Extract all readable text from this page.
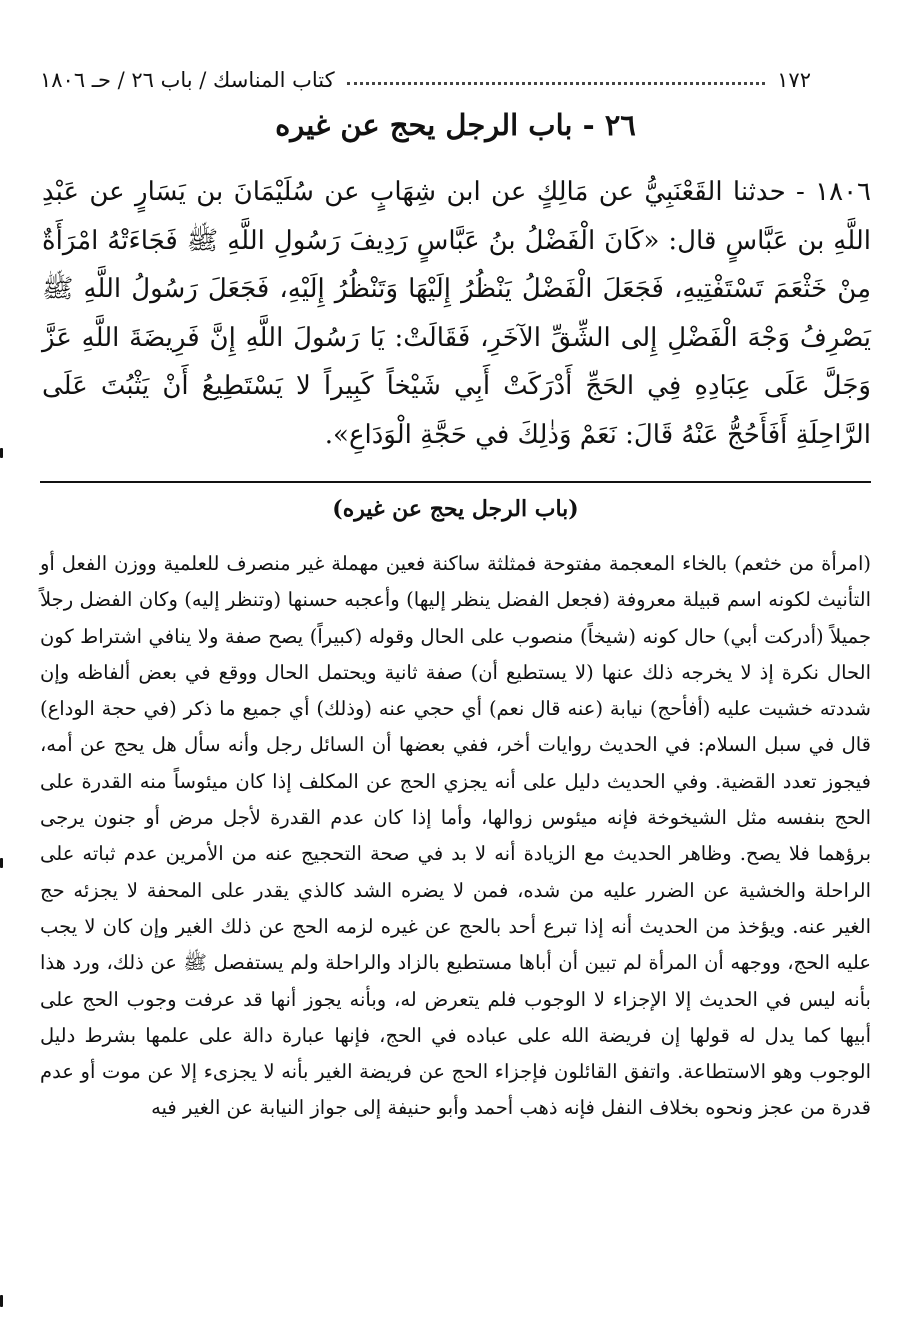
كتاب المناسك / باب ٢٦ / حـ ١٨٠٦	١٧٢
٢٦ - باب الرجل يحج عن غيره
١٨٠٦ - حدثنا القَعْنَبِيُّ عن مَالِكٍ عن ابن شِهَابٍ عن سُلَيْمَانَ بن يَسَارٍ عن عَبْدِ اللَّهِ بن عَبَّاسٍ قال: «كَانَ الْفَضْلُ بنُ عَبَّاسٍ رَدِيفَ رَسُولِ اللَّهِ ﷺ فَجَاءَتْهُ امْرَأَةٌ مِنْ خَثْعَمَ تَسْتَفْتِيهِ، فَجَعَلَ الْفَضْلُ يَنْظُرُ إِلَيْهَا وَتَنْظُرُ إِلَيْهِ، فَجَعَلَ رَسُولُ اللَّهِ ﷺ يَصْرِفُ وَجْهَ الْفَضْلِ إِلى الشِّقِّ الآخَرِ، فَقَالَتْ: يَا رَسُولَ اللَّهِ إِنَّ فَرِيضَةَ اللَّهِ عَزَّ وَجَلَّ عَلَى عِبَادِهِ فِي الحَجِّ أَدْرَكَتْ أَبِي شَيْخاً كَبِيراً لا يَسْتَطِيعُ أَنْ يَثْبُتَ عَلَى الرَّاحِلَةِ أَفَأَحُجُّ عَنْهُ قَالَ: نَعَمْ وَذٰلِكَ في حَجَّةِ الْوَدَاعِ».
(باب الرجل يحج عن غيره)
(امرأة من خثعم) بالخاء المعجمة مفتوحة فمثلثة ساكنة فعين مهملة غير منصرف للعلمية ووزن الفعل أو التأنيث لكونه اسم قبيلة معروفة (فجعل الفضل ينظر إليها) وأعجبه حسنها (وتنظر إليه) وكان الفضل رجلاً جميلاً (أدركت أبي) حال كونه (شيخاً) منصوب على الحال وقوله (كبيراً) يصح صفة ولا ينافي اشتراط كون الحال نكرة إذ لا يخرجه ذلك عنها (لا يستطيع أن) صفة ثانية ويحتمل الحال ووقع في بعض ألفاظه وإن شددته خشيت عليه (أفأحج) نيابة (عنه قال نعم) أي حجي عنه (وذلك) أي جميع ما ذكر (في حجة الوداع) قال في سبل السلام: في الحديث روايات أخر، ففي بعضها أن السائل رجل وأنه سأل هل يحج عن أمه، فيجوز تعدد القضية. وفي الحديث دليل على أنه يجزي الحج عن المكلف إذا كان ميئوساً منه القدرة على الحج بنفسه مثل الشيخوخة فإنه ميئوس زوالها، وأما إذا كان عدم القدرة لأجل مرض أو جنون يرجى برؤهما فلا يصح. وظاهر الحديث مع الزيادة أنه لا بد في صحة التحجيج عنه من الأمرين عدم ثباته على الراحلة والخشية عن الضرر عليه من شده، فمن لا يضره الشد كالذي يقدر على المحفة لا يجزئه حج الغير عنه. ويؤخذ من الحديث أنه إذا تبرع أحد بالحج عن غيره لزمه الحج عن ذلك الغير وإن كان لا يجب عليه الحج، ووجهه أن المرأة لم تبين أن أباها مستطيع بالزاد والراحلة ولم يستفصل ﷺ عن ذلك، ورد هذا بأنه ليس في الحديث إلا الإجزاء لا الوجوب فلم يتعرض له، وبأنه يجوز أنها قد عرفت وجوب الحج على أبيها كما يدل له قولها إن فريضة الله على عباده في الحج، فإنها عبارة دالة على علمها بشرط دليل الوجوب وهو الاستطاعة. واتفق القائلون فإجزاء الحج عن فريضة الغير بأنه لا يجزىء إلا عن موت أو عدم قدرة من عجز ونحوه بخلاف النفل فإنه ذهب أحمد وأبو حنيفة إلى جواز النيابة عن الغير فيه
